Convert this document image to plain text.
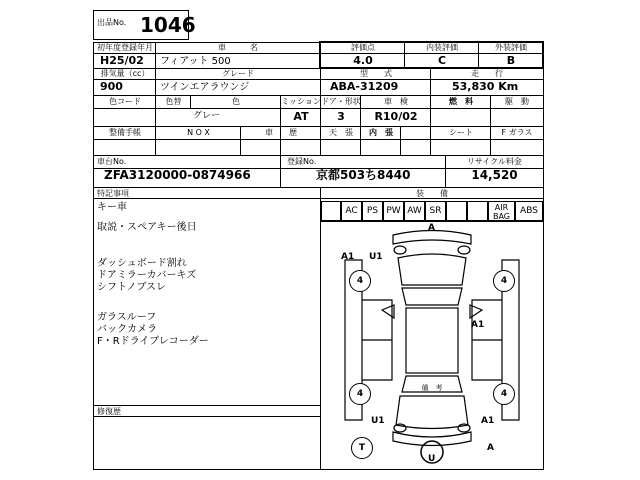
出品No. 1046
初年度登録年月
H25/02
車　　　名
フィアット 500
評価点
4.0
内装評価
C
外装評価
B
排気量（cc）
900
グレード
ツインエアラウンジ
型　　式
ABA-31209
走　　行
53,830 Km
色コード	色替	色
グレー
ミッション
AT
ドア・形状
3
車　検
R10/02
燃　料	駆　動
整備手帳	N O X	車　　歴	天　張	内　張	シート	F ガラス
車台No.
ZFA3120000-0874966
登録No.
京都503ち8440
リサイクル料金
14,520
特記事項
キー車
取説・スペアキー後日
ダッシュボード割れ
ドアミラーカバーキズ
シフトノブスレ
ガラスルーフ
バックカメラ
F・Rドライブレコーダー
修復歴
装　　備
AC	PS PW AW SR	AIR BAG
ABS
備　考
A
A1 U1
4	4
A1
4	4
U1	A1
T	A
U
